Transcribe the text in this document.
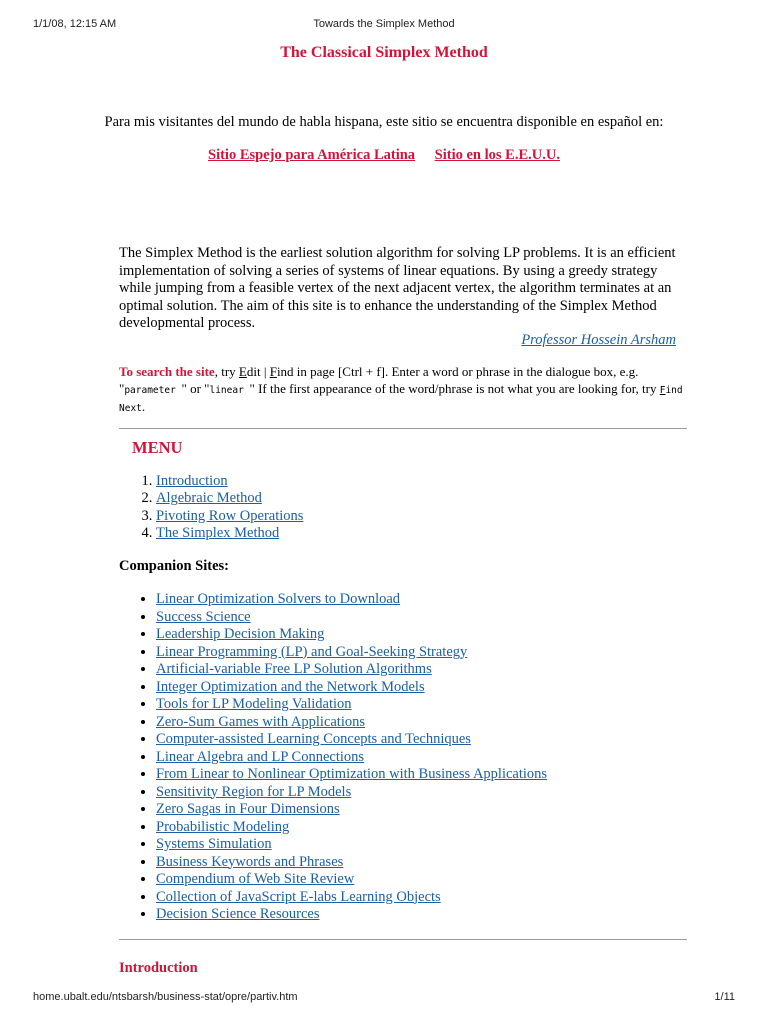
1/1/08, 12:15 AM	Towards the Simplex Method
The Classical Simplex Method
Para mis visitantes del mundo de habla hispana, este sitio se encuentra disponible en español en:
Sitio Espejo para América Latina Sitio en los E.E.U.U.

The Simplex Method is the earliest solution algorithm for solving LP problems. It is an efficient implementation of solving a series of systems of linear equations. By using a greedy strategy while jumping from a feasible vertex of the next adjacent vertex, the algorithm terminates at an optimal solution. The aim of this site is to enhance the understanding of the Simplex Method developmental process.

Professor Hossein Arsham

To search the site, try Edit | Find in page [Ctrl + f]. Enter a word or phrase in the dialogue box, e.g. "parameter " or "linear " If the first appearance of the word/phrase is not what you are looking for, try Find Next.

MENU
1. Introduction
2. Algebraic Method
3. Pivoting Row Operations
4. The Simplex Method
Companion Sites:
• Linear Optimization Solvers to Download
• Success Science
• Leadership Decision Making
• Linear Programming (LP) and Goal-Seeking Strategy
• Artificial-variable Free LP Solution Algorithms
• Integer Optimization and the Network Models
• Tools for LP Modeling Validation
• Zero-Sum Games with Applications
• Computer-assisted Learning Concepts and Techniques
• Linear Algebra and LP Connections
• From Linear to Nonlinear Optimization with Business Applications
• Sensitivity Region for LP Models
• Zero Sagas in Four Dimensions
• Probabilistic Modeling
• Systems Simulation
• Business Keywords and Phrases
• Compendium of Web Site Review
• Collection of JavaScript E-labs Learning Objects
• Decision Science Resources
Introduction
home.ubalt.edu/ntsbarsh/business-stat/opre/partiv.htm	1/11
